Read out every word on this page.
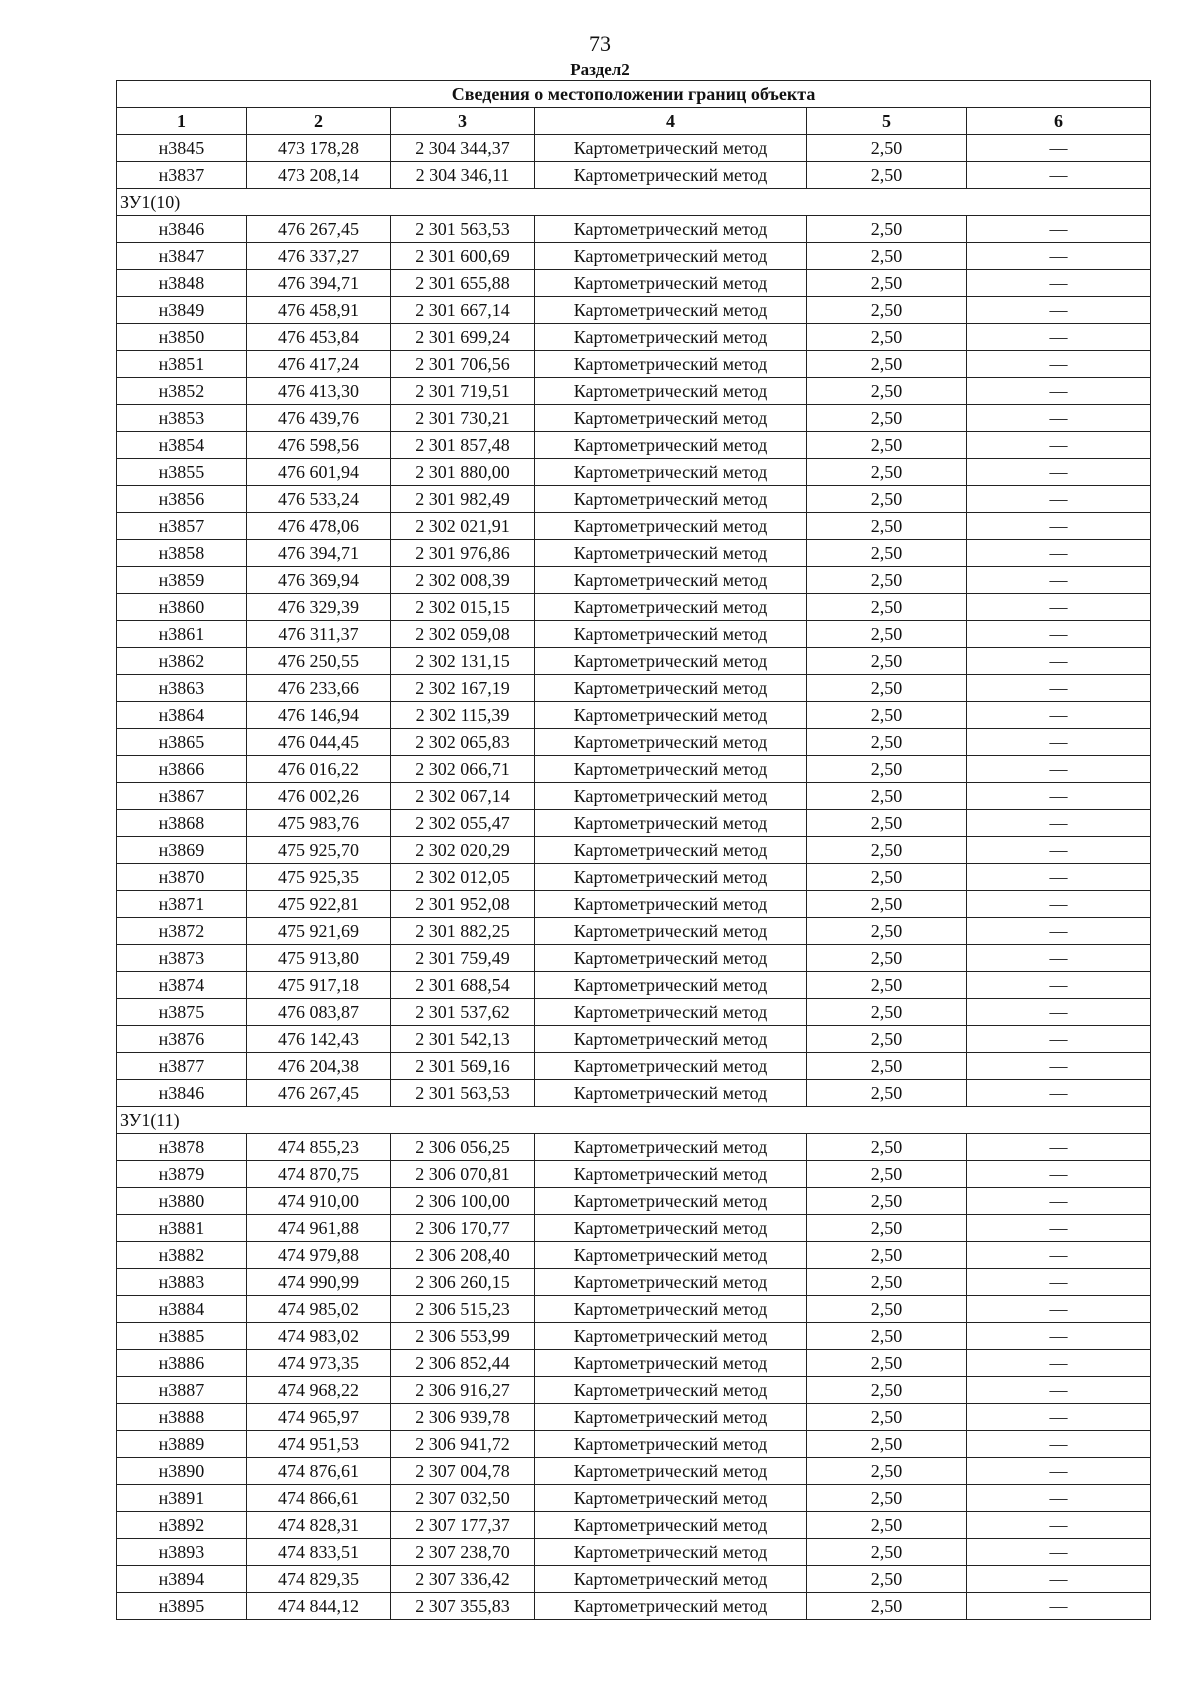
73
Раздел2
Сведения о местоположении границ объекта					
1	2	3	4	5	6
н3845	473 178,28	2 304 344,37	Картометрический метод	2,50	—
н3837	473 208,14	2 304 346,11	Картометрический метод	2,50	—
ЗУ1(10)					
н3846	476 267,45	2 301 563,53	Картометрический метод	2,50	—
н3847	476 337,27	2 301 600,69	Картометрический метод	2,50	—
н3848	476 394,71	2 301 655,88	Картометрический метод	2,50	—
н3849	476 458,91	2 301 667,14	Картометрический метод	2,50	—
н3850	476 453,84	2 301 699,24	Картометрический метод	2,50	—
н3851	476 417,24	2 301 706,56	Картометрический метод	2,50	—
н3852	476 413,30	2 301 719,51	Картометрический метод	2,50	—
н3853	476 439,76	2 301 730,21	Картометрический метод	2,50	—
н3854	476 598,56	2 301 857,48	Картометрический метод	2,50	—
н3855	476 601,94	2 301 880,00	Картометрический метод	2,50	—
н3856	476 533,24	2 301 982,49	Картометрический метод	2,50	—
н3857	476 478,06	2 302 021,91	Картометрический метод	2,50	—
н3858	476 394,71	2 301 976,86	Картометрический метод	2,50	—
н3859	476 369,94	2 302 008,39	Картометрический метод	2,50	—
н3860	476 329,39	2 302 015,15	Картометрический метод	2,50	—
н3861	476 311,37	2 302 059,08	Картометрический метод	2,50	—
н3862	476 250,55	2 302 131,15	Картометрический метод	2,50	—
н3863	476 233,66	2 302 167,19	Картометрический метод	2,50	—
н3864	476 146,94	2 302 115,39	Картометрический метод	2,50	—
н3865	476 044,45	2 302 065,83	Картометрический метод	2,50	—
н3866	476 016,22	2 302 066,71	Картометрический метод	2,50	—
н3867	476 002,26	2 302 067,14	Картометрический метод	2,50	—
н3868	475 983,76	2 302 055,47	Картометрический метод	2,50	—
н3869	475 925,70	2 302 020,29	Картометрический метод	2,50	—
н3870	475 925,35	2 302 012,05	Картометрический метод	2,50	—
н3871	475 922,81	2 301 952,08	Картометрический метод	2,50	—
н3872	475 921,69	2 301 882,25	Картометрический метод	2,50	—
н3873	475 913,80	2 301 759,49	Картометрический метод	2,50	—
н3874	475 917,18	2 301 688,54	Картометрический метод	2,50	—
н3875	476 083,87	2 301 537,62	Картометрический метод	2,50	—
н3876	476 142,43	2 301 542,13	Картометрический метод	2,50	—
н3877	476 204,38	2 301 569,16	Картометрический метод	2,50	—
н3846	476 267,45	2 301 563,53	Картометрический метод	2,50	—
ЗУ1(11)					
н3878	474 855,23	2 306 056,25	Картометрический метод	2,50	—
н3879	474 870,75	2 306 070,81	Картометрический метод	2,50	—
н3880	474 910,00	2 306 100,00	Картометрический метод	2,50	—
н3881	474 961,88	2 306 170,77	Картометрический метод	2,50	—
н3882	474 979,88	2 306 208,40	Картометрический метод	2,50	—
н3883	474 990,99	2 306 260,15	Картометрический метод	2,50	—
н3884	474 985,02	2 306 515,23	Картометрический метод	2,50	—
н3885	474 983,02	2 306 553,99	Картометрический метод	2,50	—
н3886	474 973,35	2 306 852,44	Картометрический метод	2,50	—
н3887	474 968,22	2 306 916,27	Картометрический метод	2,50	—
н3888	474 965,97	2 306 939,78	Картометрический метод	2,50	—
н3889	474 951,53	2 306 941,72	Картометрический метод	2,50	—
н3890	474 876,61	2 307 004,78	Картометрический метод	2,50	—
н3891	474 866,61	2 307 032,50	Картометрический метод	2,50	—
н3892	474 828,31	2 307 177,37	Картометрический метод	2,50	—
н3893	474 833,51	2 307 238,70	Картометрический метод	2,50	—
н3894	474 829,35	2 307 336,42	Картометрический метод	2,50	—
н3895	474 844,12	2 307 355,83	Картометрический метод	2,50	—
